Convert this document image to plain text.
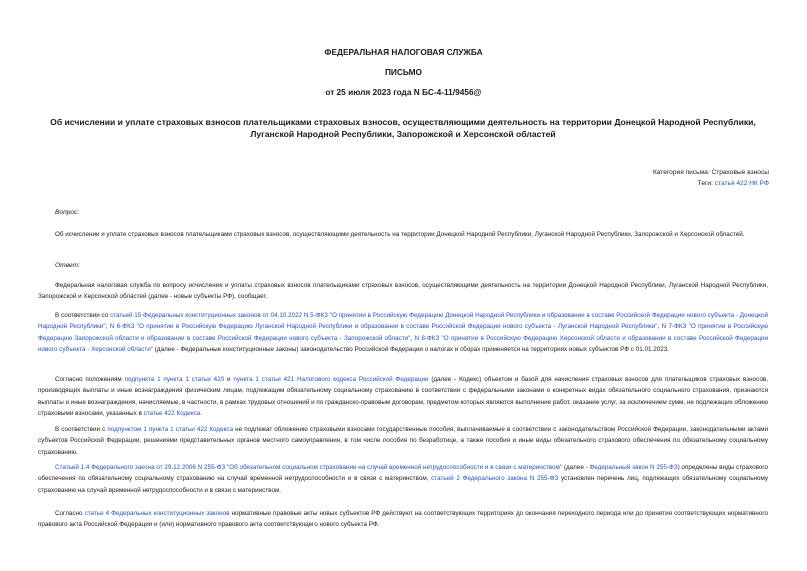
ФЕДЕРАЛЬНАЯ НАЛОГОВАЯ СЛУЖБА
ПИСЬМО
от 25 июля 2023 года N БС-4-11/9456@
Об исчислении и уплате страховых взносов плательщиками страховых взносов, осуществляющими деятельность на территории Донецкой Народной Республики,
Луганской Народной Республики, Запорожской и Херсонской областей
Категория письма: Страховые взносы
Теги: статья 422 НК РФ
Вопрос:

Об исчислении и уплате страховых взносов плательщиками страховых взносов, осуществляющими деятельность на территории Донецкой Народной Республики, Луганской Народной Республики, Запорожской и Херсонской областей.

Ответ:

Федеральная налоговая служба по вопросу исчисления и уплаты страховых взносов плательщиками страховых взносов, осуществляющими деятельность на территории Донецкой Народной Республики, Луганской Народной Республики, Запорожской и Херсонской областей (далее - новые субъекты РФ), сообщает.

В соответствии со статьей 15 Федеральных конституционных законов от 04.10.2022 N 5-ФКЗ "О принятии в Российскую Федерацию Донецкой Народной Республики и образовании в составе Российской Федерации нового субъекта - Донецкой Народной Республики", N 6-ФКЗ "О принятии в Российскую Федерацию Луганской Народной Республики и образовании в составе Российской Федерации нового субъекта - Луганской Народной Республики", N 7-ФКЗ "О принятии в Российскую Федерацию Запорожской области и образовании в составе Российской Федерации нового субъекта - Запорожской области", N 8-ФКЗ "О принятии в Российскую Федерацию Херсонской области и образовании в составе Российской Федерации нового субъекта - Херсонской области" (далее - Федеральные конституционные законы) законодательство Российской Федерации о налогах и сборах применяется на территориях новых субъектов РФ с 01.01.2023.

Согласно положениям подпункта 1 пункта 1 статьи 420 и пункта 1 статьи 421 Налогового кодекса Российской Федерации (далее - Кодекс) объектом и базой для начисления страховых взносов для плательщиков страховых взносов, производящих выплаты и иные вознаграждения физическим лицам, подлежащим обязательному социальному страхованию в соответствии с федеральными законами о конкретных видах обязательного социального страхования, признаются выплаты и иные вознаграждения, начисляемые, в частности, в рамках трудовых отношений и по гражданско-правовым договорам, предметом которых являются выполнение работ, оказание услуг, за исключением сумм, не подлежащих обложению страховыми взносами, указанных в статье 422 Кодекса.

В соответствии с подпунктом 1 пункта 1 статьи 422 Кодекса не подлежат обложению страховыми взносами государственные пособия, выплачиваемые в соответствии с законодательством Российской Федерации, законодательными актами субъектов Российской Федерации, решениями представительных органов местного самоуправления, в том числе пособия по безработице, а также пособия и иные виды обязательного страхового обеспечения по обязательному социальному страхованию.

Статьей 1.4 Федерального закона от 29.12.2006 N 255-ФЗ "Об обязательном социальном страховании на случай временной нетрудоспособности и в связи с материнством" (далее - Федеральный закон N 255-ФЗ) определены виды страхового обеспечения по обязательному социальному страхованию на случай временной нетрудоспособности и в связи с материнством, статьей 2 Федерального закона N 255-ФЗ установлен перечень лиц, подлежащих обязательному социальному страхованию на случай временной нетрудоспособности и в связи с материнством.

Согласно статье 4 Федеральных конституционных законов нормативные правовые акты новых субъектов РФ действуют на соответствующих территориях до окончания переходного периода или до принятия соответствующих нормативного правового акта Российской Федерации и (или) нормативного правового акта соответствующего нового субъекта РФ.
